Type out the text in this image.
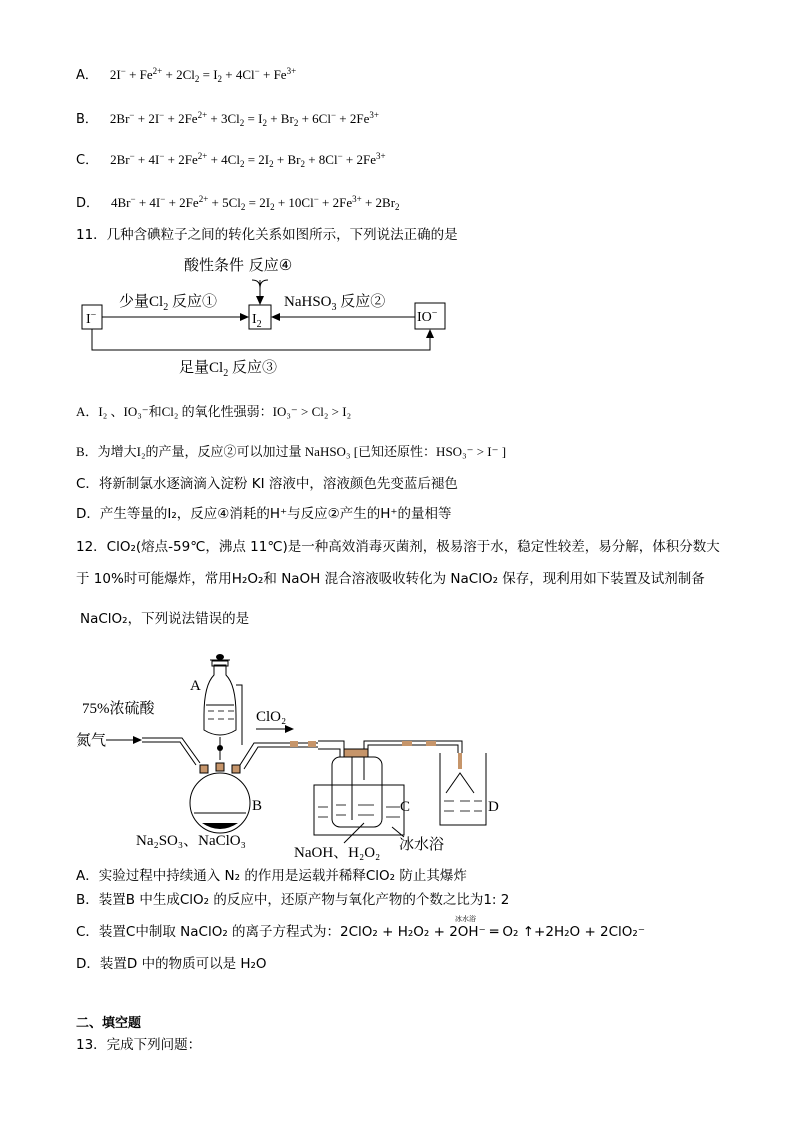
A． $2I^- + Fe^{2+} + 2Cl_2 = I_2 + 4Cl^- + Fe^{3+}$
B． $2Br^- + 2I^- + 2Fe^{2+} + 3Cl_2 = I_2 + Br_2 + 6Cl^- + 2Fe^{3+}$
C． $2Br^- + 4I^- + 2Fe^{2+} + 4Cl_2 = 2I_2 + Br_2 + 8Cl^- + 2Fe^{3+}$
D． $4Br^- + 4I^- + 2Fe^{2+} + 5Cl_2 = 2I_2 + 10Cl^- + 2Fe^{3+} + 2Br_2$
11．几种含碘粒子之间的转化关系如图所示，下列说法正确的是
酸性条件 反应④
I−	I2	IO−
少量Cl2 反应①	NaHSO3 反应②
足量Cl2 反应③
A．I₂ 、IO₃⁻和Cl₂ 的氧化性强弱：IO₃⁻ > Cl₂ > I₂
B．为增大I₂的产量，反应②可以加过量 NaHSO₃ [已知还原性：HSO₃⁻ > I⁻ ]
C．将新制氯水逐滴滴入淀粉 KI 溶液中，溶液颜色先变蓝后褪色
D．产生等量的I₂，反应④消耗的H⁺与反应②产生的H⁺的量相等
12．ClO₂(熔点-59℃，沸点 11℃)是一种高效消毒灭菌剂，极易溶于水，稳定性较差，易分解，体积分数大
于 10%时可能爆炸，常用H₂O₂和 NaOH 混合溶液吸收转化为 NaClO₂ 保存，现利用如下装置及试剂制备
NaClO₂，下列说法错误的是
A
75%浓硫酸
氮气
B
Na₂SO₃、NaClO₃
ClO₂
C
NaOH、H₂O₂ 冰水浴
D
A．实验过程中持续通入 N₂ 的作用是运载并稀释ClO₂ 防止其爆炸
B．装置B 中生成ClO₂ 的反应中，还原产物与氧化产物的个数之比为1: 2
C．装置C中制取 NaClO₂ 的离子方程式为：2ClO₂ + H₂O₂ + 2OH⁻ ═ O₂ ↑+2H₂O + 2ClO₂⁻
冰水浴
D．装置D 中的物质可以是 H₂O
二、填空题
13．完成下列问题：
